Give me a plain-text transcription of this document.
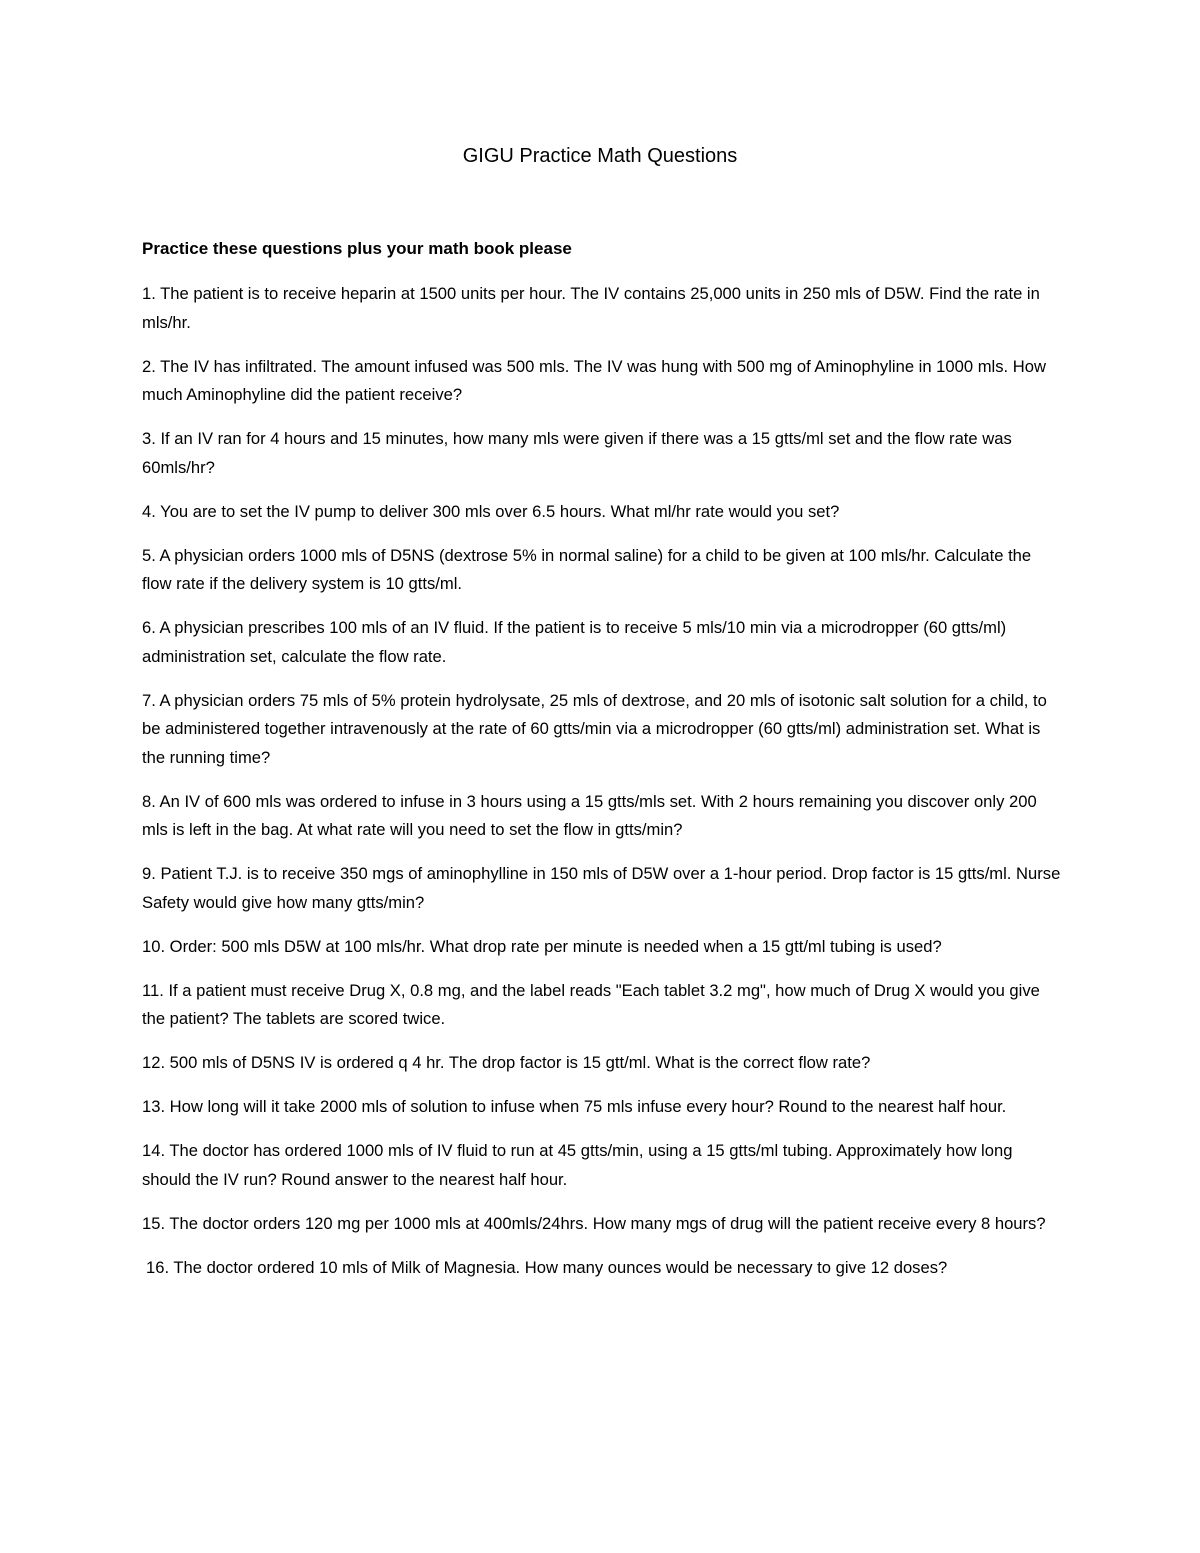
GIGU Practice Math Questions

Practice these questions plus your math book please

1. The patient is to receive heparin at 1500 units per hour. The IV contains 25,000 units in 250 mls of D5W. Find the rate in mls/hr.

2. The IV has infiltrated. The amount infused was 500 mls. The IV was hung with 500 mg of Aminophyline in 1000 mls. How much Aminophyline did the patient receive?

3. If an IV ran for 4 hours and 15 minutes, how many mls were given if there was a 15 gtts/ml set and the flow rate was 60mls/hr?

4. You are to set the IV pump to deliver 300 mls over 6.5 hours. What ml/hr rate would you set?

5. A physician orders 1000 mls of D5NS (dextrose 5% in normal saline) for a child to be given at 100 mls/hr. Calculate the flow rate if the delivery system is 10 gtts/ml.

6. A physician prescribes 100 mls of an IV fluid. If the patient is to receive 5 mls/10 min via a microdropper (60 gtts/ml) administration set, calculate the flow rate.

7. A physician orders 75 mls of 5% protein hydrolysate, 25 mls of dextrose, and 20 mls of isotonic salt solution for a child, to be administered together intravenously at the rate of 60 gtts/min via a microdropper (60 gtts/ml) administration set. What is the running time?

8. An IV of 600 mls was ordered to infuse in 3 hours using a 15 gtts/mls set. With 2 hours remaining you discover only 200 mls is left in the bag. At what rate will you need to set the flow in gtts/min?

9. Patient T.J. is to receive 350 mgs of aminophylline in 150 mls of D5W over a 1-hour period. Drop factor is 15 gtts/ml. Nurse Safety would give how many gtts/min?

10. Order: 500 mls D5W at 100 mls/hr. What drop rate per minute is needed when a 15 gtt/ml tubing is used?

11. If a patient must receive Drug X, 0.8 mg, and the label reads "Each tablet 3.2 mg", how much of Drug X would you give the patient? The tablets are scored twice.

12. 500 mls of D5NS IV is ordered q 4 hr. The drop factor is 15 gtt/ml. What is the correct flow rate?

13. How long will it take 2000 mls of solution to infuse when 75 mls infuse every hour? Round to the nearest half hour.

14. The doctor has ordered 1000 mls of IV fluid to run at 45 gtts/min, using a 15 gtts/ml tubing. Approximately how long should the IV run? Round answer to the nearest half hour.

15. The doctor orders 120 mg per 1000 mls at 400mls/24hrs. How many mgs of drug will the patient receive every 8 hours?

16. The doctor ordered 10 mls of Milk of Magnesia. How many ounces would be necessary to give 12 doses?
